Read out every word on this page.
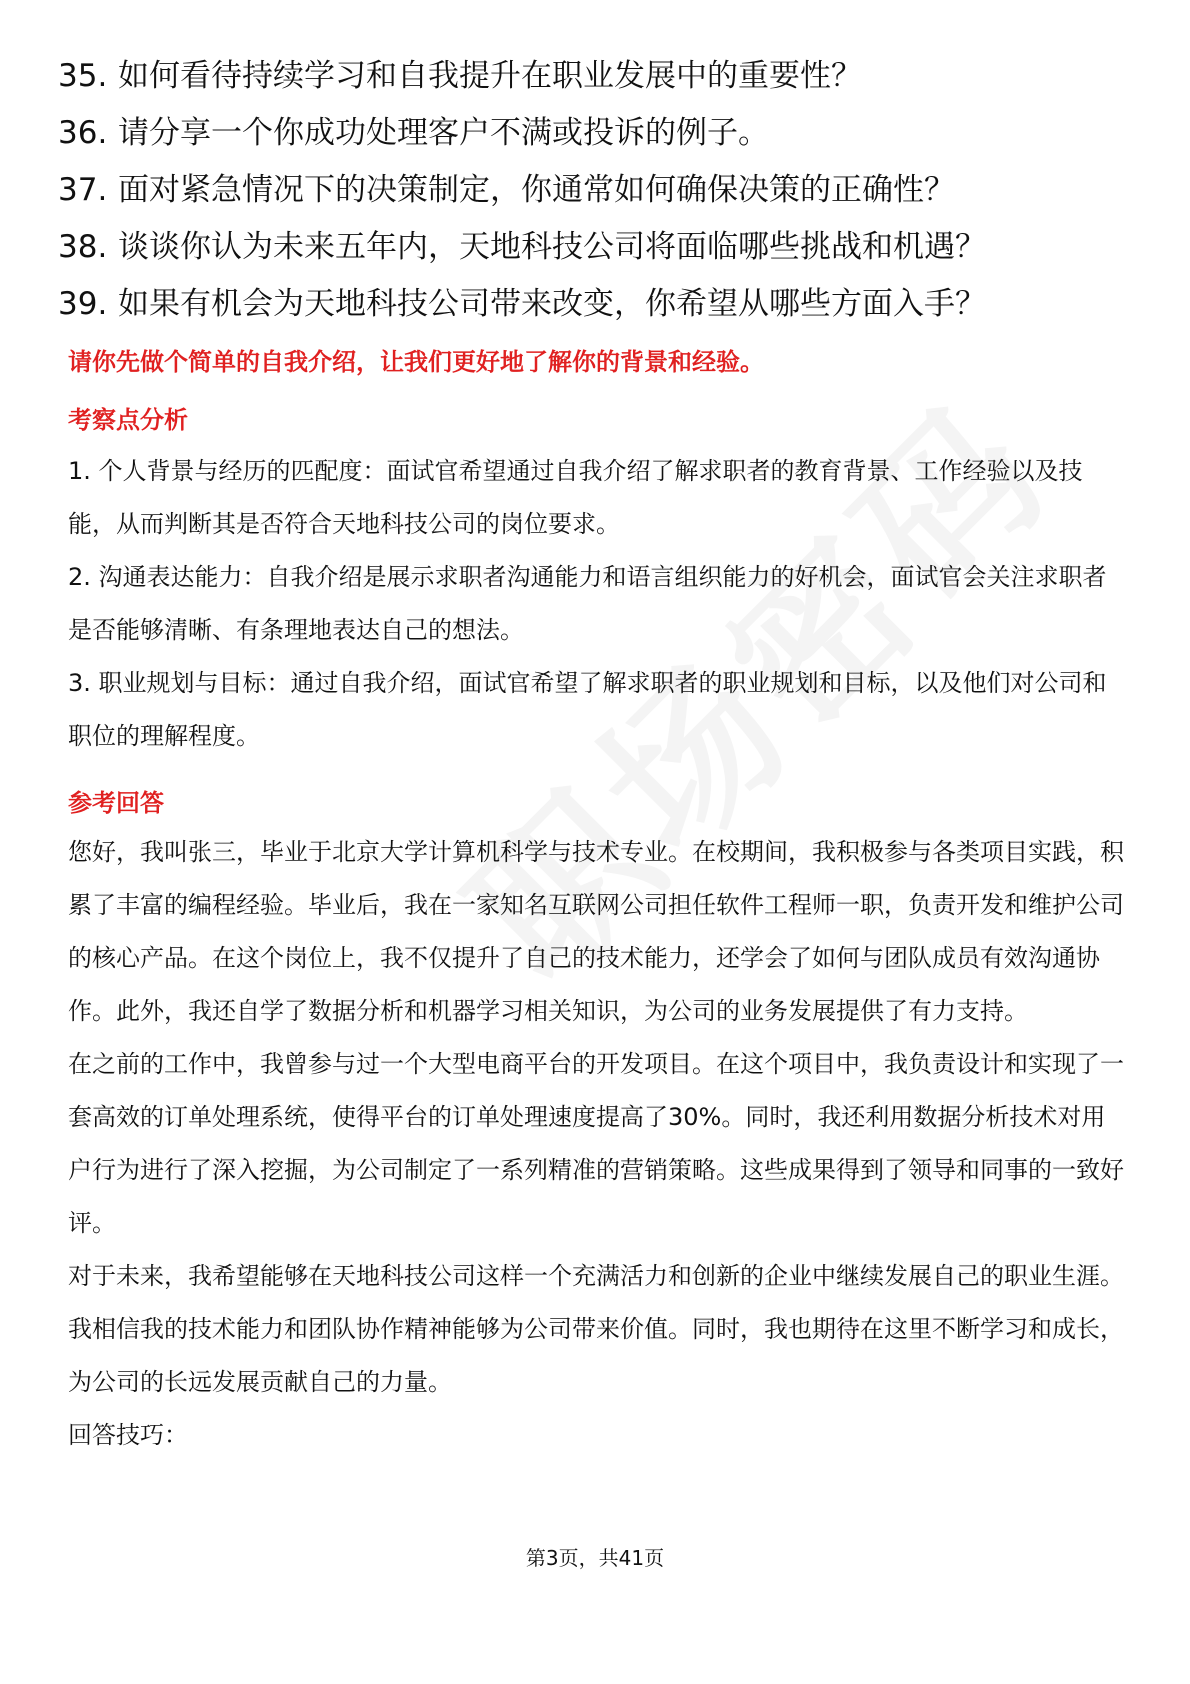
35. 如何看待持续学习和自我提升在职业发展中的重要性？
36. 请分享一个你成功处理客户不满或投诉的例子。
37. 面对紧急情况下的决策制定，你通常如何确保决策的正确性？
38. 谈谈你认为未来五年内，天地科技公司将面临哪些挑战和机遇？
39. 如果有机会为天地科技公司带来改变，你希望从哪些方面入手？
请你先做个简单的自我介绍，让我们更好地了解你的背景和经验。
考察点分析

1. 个人背景与经历的匹配度：面试官希望通过自我介绍了解求职者的教育背景、工作经验以及技能，从而判断其是否符合天地科技公司的岗位要求。

2. 沟通表达能力：自我介绍是展示求职者沟通能力和语言组织能力的好机会，面试官会关注求职者是否能够清晰、有条理地表达自己的想法。

3. 职业规划与目标：通过自我介绍，面试官希望了解求职者的职业规划和目标，以及他们对公司和职位的理解程度。

参考回答

您好，我叫张三，毕业于北京大学计算机科学与技术专业。在校期间，我积极参与各类项目实践，积累了丰富的编程经验。毕业后，我在一家知名互联网公司担任软件工程师一职，负责开发和维护公司的核心产品。在这个岗位上，我不仅提升了自己的技术能力，还学会了如何与团队成员有效沟通协作。此外，我还自学了数据分析和机器学习相关知识，为公司的业务发展提供了有力支持。

在之前的工作中，我曾参与过一个大型电商平台的开发项目。在这个项目中，我负责设计和实现了一套高效的订单处理系统，使得平台的订单处理速度提高了30%。同时，我还利用数据分析技术对用户行为进行了深入挖掘，为公司制定了一系列精准的营销策略。这些成果得到了领导和同事的一致好评。

对于未来，我希望能够在天地科技公司这样一个充满活力和创新的企业中继续发展自己的职业生涯。我相信我的技术能力和团队协作精神能够为公司带来价值。同时，我也期待在这里不断学习和成长，为公司的长远发展贡献自己的力量。

回答技巧：

第3页，共41页
